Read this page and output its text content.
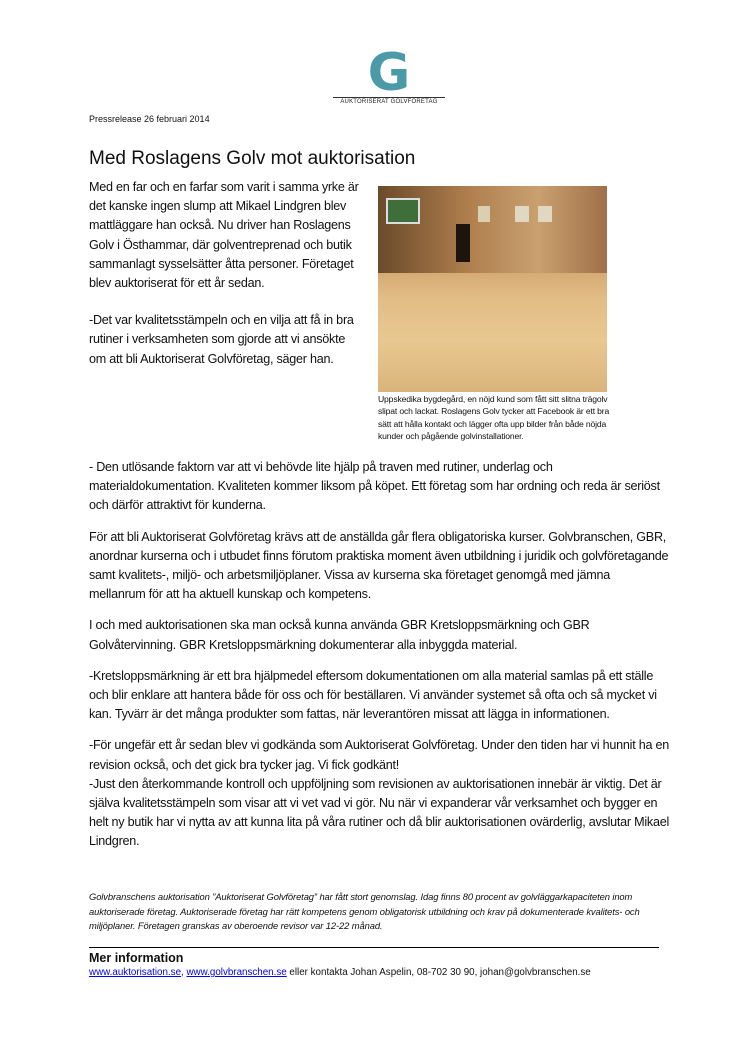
G
AUKTORISERAT GOLVFÖRETAG
Pressrelease 26 februari 2014
Med Roslagens Golv mot auktorisation

Med en far och en farfar som varit i samma yrke är det kanske ingen slump att Mikael Lindgren blev mattläggare han också. Nu driver han Roslagens Golv i Östhammar, där golventreprenad och butik sammanlagt sysselsätter åtta personer. Företaget blev auktoriserat för ett år sedan.

-Det var kvalitetsstämpeln och en vilja att få in bra rutiner i verksamheten som gjorde att vi ansökte om att bli Auktoriserat Golvföretag, säger han.

Uppskedika bygdegård, en nöjd kund som fått sitt slitna trägolv slipat och lackat. Roslagens Golv tycker att Facebook är ett bra sätt att hålla kontakt och lägger ofta upp bilder från både nöjda kunder och pågående golvinstallationer.

- Den utlösande faktorn var att vi behövde lite hjälp på traven med rutiner, underlag och materialdokumentation. Kvaliteten kommer liksom på köpet. Ett företag som har ordning och reda är seriöst och därför attraktivt för kunderna.

För att bli Auktoriserat Golvföretag krävs att de anställda går flera obligatoriska kurser. Golvbranschen, GBR, anordnar kurserna och i utbudet finns förutom praktiska moment även utbildning i juridik och golvföretagande samt kvalitets-, miljö- och arbetsmiljöplaner. Vissa av kurserna ska företaget genomgå med jämna mellanrum för att ha aktuell kunskap och kompetens.

I och med auktorisationen ska man också kunna använda GBR Kretsloppsmärkning och GBR Golvåtervinning. GBR Kretsloppsmärkning dokumenterar alla inbyggda material.

-Kretsloppsmärkning är ett bra hjälpmedel eftersom dokumentationen om alla material samlas på ett ställe och blir enklare att hantera både för oss och för beställaren. Vi använder systemet så ofta och så mycket vi kan. Tyvärr är det många produkter som fattas, när leverantören missat att lägga in informationen.

-För ungefär ett år sedan blev vi godkända som Auktoriserat Golvföretag. Under den tiden har vi hunnit ha en revision också, och det gick bra tycker jag. Vi fick godkänt!

-Just den återkommande kontroll och uppföljning som revisionen av auktorisationen innebär är viktig. Det är själva kvalitetsstämpeln som visar att vi vet vad vi gör. Nu när vi expanderar vår verksamhet och bygger en helt ny butik har vi nytta av att kunna lita på våra rutiner och då blir auktorisationen ovärderlig, avslutar Mikael Lindgren.

Golvbranschens auktorisation ”Auktoriserat Golvföretag” har fått stort genomslag. Idag finns 80 procent av golvläggarkapaciteten inom auktoriserade företag. Auktoriserade företag har rätt kompetens genom obligatorisk utbildning och krav på dokumenterade kvalitets- och miljöplaner. Företagen granskas av oberoende revisor var 12-22 månad.
Mer information
www.auktorisation.se, www.golvbranschen.se eller kontakta Johan Aspelin, 08-702 30 90, johan@golvbranschen.se
